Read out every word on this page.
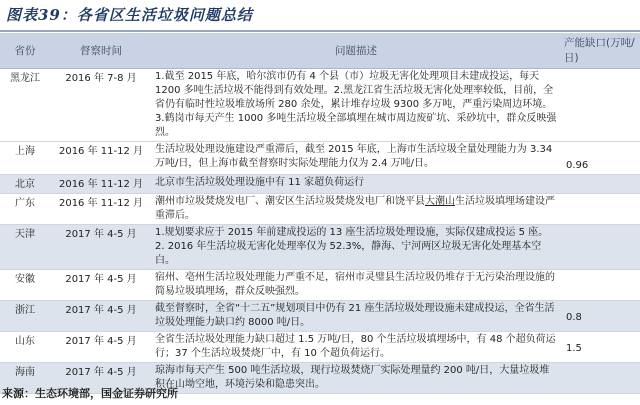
图表39：各省区生活垃圾问题总结
省份	督察时间	问题描述	产能缺口(万吨/日)
黑龙江	2016 年 7-8 月	1.截至 2015 年底，哈尔滨市仍有 4 个县（市）垃圾无害化处理项目未建成投运，每天 1200 多吨生活垃圾不能得到有效处理。2.黑龙江省生活垃圾无害化处理率较低，目前，全省仍有临时性垃圾堆放场所 280 余处，累计堆存垃圾 9300 多万吨，严重污染周边环境。3.鹤岗市每天产生 1000 多吨生活垃圾全部填埋在城市周边废矿坑、采砂坑中，群众反映强烈。	
上海	2016 年 11-12 月	生活垃圾处理设施建设严重滞后，截至 2015 年底，上海市生活垃圾全量处理能力为 3.34 万吨/日，但上海市截至督察时实际处理能力仅为 2.4 万吨/日。	0.96
北京	2016 年 11-12 月	北京市生活垃圾处理设施中有 11 家超负荷运行	
广东	2016 年 11-12 月	潮州市垃圾焚烧发电厂、潮安区生活垃圾焚烧发电厂和饶平县大潮山生活垃圾填埋场建设严重滞后。	
天津	2017 年 4-5 月	1.规划要求应于 2015 年前建成投运的 13 座生活垃圾处理设施，实际仅建成投运 5 座。2. 2016 年生活垃圾无害化处理率仅为 52.3%，静海、宁河两区垃圾无害化处理基本空白。	
安徽	2017 年 4-5 月	宿州、亳州生活垃圾处理能力严重不足，宿州市灵璧县生活垃圾仍堆存于无污染治理设施的简易垃圾填埋场，群众反映强烈。	
浙江	2017 年 4-5 月	截至督察时，全省“十二五”规划项目中仍有 21 座生活垃圾处理设施未建成投运，全省生活垃圾处理能力缺口约 8000 吨/日。	0.8
山东	2017 年 4-5 月	全省生活垃圾处理能力缺口超过 1.5 万吨/日，80 个生活垃圾填埋场中，有 48 个超负荷运行；37 个生活垃圾焚烧厂中，有 10 个超负荷运行。	1.5
海南	2017 年 4-5 月	琼海市每天产生 500 吨生活垃圾，现行垃圾焚烧厂实际处理量约 200 吨/日，大量垃圾堆积在山坳空地，环境污染和隐患突出。	
来源：生态环境部，国金证券研究所
